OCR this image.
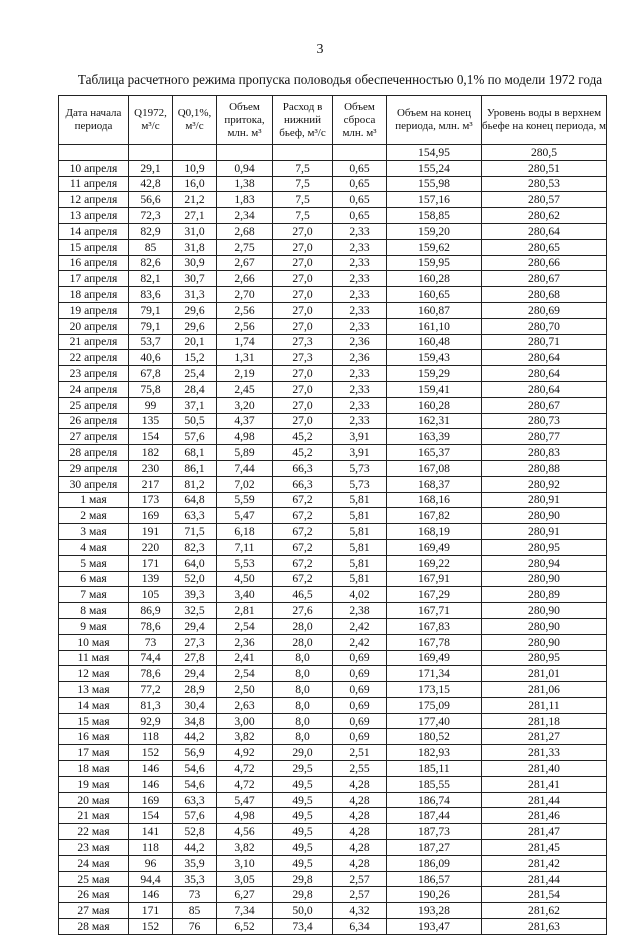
3
Таблица расчетного режима пропуска половодья обеспеченностью 0,1% по модели 1972 года
Дата начала периода	Q1972, м³/с	Q0,1%, м³/с	Объем притока, млн. м³	Расход в нижний бьеф, м³/с	Объем сброса млн. м³	Объем на конец периода, млн. м³	Уровень воды в верхнем бьефе на конец периода, м
						154,95	280,5
10 апреля	29,1	10,9	0,94	7,5	0,65	155,24	280,51
11 апреля	42,8	16,0	1,38	7,5	0,65	155,98	280,53
12 апреля	56,6	21,2	1,83	7,5	0,65	157,16	280,57
13 апреля	72,3	27,1	2,34	7,5	0,65	158,85	280,62
14 апреля	82,9	31,0	2,68	27,0	2,33	159,20	280,64
15 апреля	85	31,8	2,75	27,0	2,33	159,62	280,65
16 апреля	82,6	30,9	2,67	27,0	2,33	159,95	280,66
17 апреля	82,1	30,7	2,66	27,0	2,33	160,28	280,67
18 апреля	83,6	31,3	2,70	27,0	2,33	160,65	280,68
19 апреля	79,1	29,6	2,56	27,0	2,33	160,87	280,69
20 апреля	79,1	29,6	2,56	27,0	2,33	161,10	280,70
21 апреля	53,7	20,1	1,74	27,3	2,36	160,48	280,71
22 апреля	40,6	15,2	1,31	27,3	2,36	159,43	280,64
23 апреля	67,8	25,4	2,19	27,0	2,33	159,29	280,64
24 апреля	75,8	28,4	2,45	27,0	2,33	159,41	280,64
25 апреля	99	37,1	3,20	27,0	2,33	160,28	280,67
26 апреля	135	50,5	4,37	27,0	2,33	162,31	280,73
27 апреля	154	57,6	4,98	45,2	3,91	163,39	280,77
28 апреля	182	68,1	5,89	45,2	3,91	165,37	280,83
29 апреля	230	86,1	7,44	66,3	5,73	167,08	280,88
30 апреля	217	81,2	7,02	66,3	5,73	168,37	280,92
1 мая	173	64,8	5,59	67,2	5,81	168,16	280,91
2 мая	169	63,3	5,47	67,2	5,81	167,82	280,90
3 мая	191	71,5	6,18	67,2	5,81	168,19	280,91
4 мая	220	82,3	7,11	67,2	5,81	169,49	280,95
5 мая	171	64,0	5,53	67,2	5,81	169,22	280,94
6 мая	139	52,0	4,50	67,2	5,81	167,91	280,90
7 мая	105	39,3	3,40	46,5	4,02	167,29	280,89
8 мая	86,9	32,5	2,81	27,6	2,38	167,71	280,90
9 мая	78,6	29,4	2,54	28,0	2,42	167,83	280,90
10 мая	73	27,3	2,36	28,0	2,42	167,78	280,90
11 мая	74,4	27,8	2,41	8,0	0,69	169,49	280,95
12 мая	78,6	29,4	2,54	8,0	0,69	171,34	281,01
13 мая	77,2	28,9	2,50	8,0	0,69	173,15	281,06
14 мая	81,3	30,4	2,63	8,0	0,69	175,09	281,11
15 мая	92,9	34,8	3,00	8,0	0,69	177,40	281,18
16 мая	118	44,2	3,82	8,0	0,69	180,52	281,27
17 мая	152	56,9	4,92	29,0	2,51	182,93	281,33
18 мая	146	54,6	4,72	29,5	2,55	185,11	281,40
19 мая	146	54,6	4,72	49,5	4,28	185,55	281,41
20 мая	169	63,3	5,47	49,5	4,28	186,74	281,44
21 мая	154	57,6	4,98	49,5	4,28	187,44	281,46
22 мая	141	52,8	4,56	49,5	4,28	187,73	281,47
23 мая	118	44,2	3,82	49,5	4,28	187,27	281,45
24 мая	96	35,9	3,10	49,5	4,28	186,09	281,42
25 мая	94,4	35,3	3,05	29,8	2,57	186,57	281,44
26 мая	146	73	6,27	29,8	2,57	190,26	281,54
27 мая	171	85	7,34	50,0	4,32	193,28	281,62
28 мая	152	76	6,52	73,4	6,34	193,47	281,63
